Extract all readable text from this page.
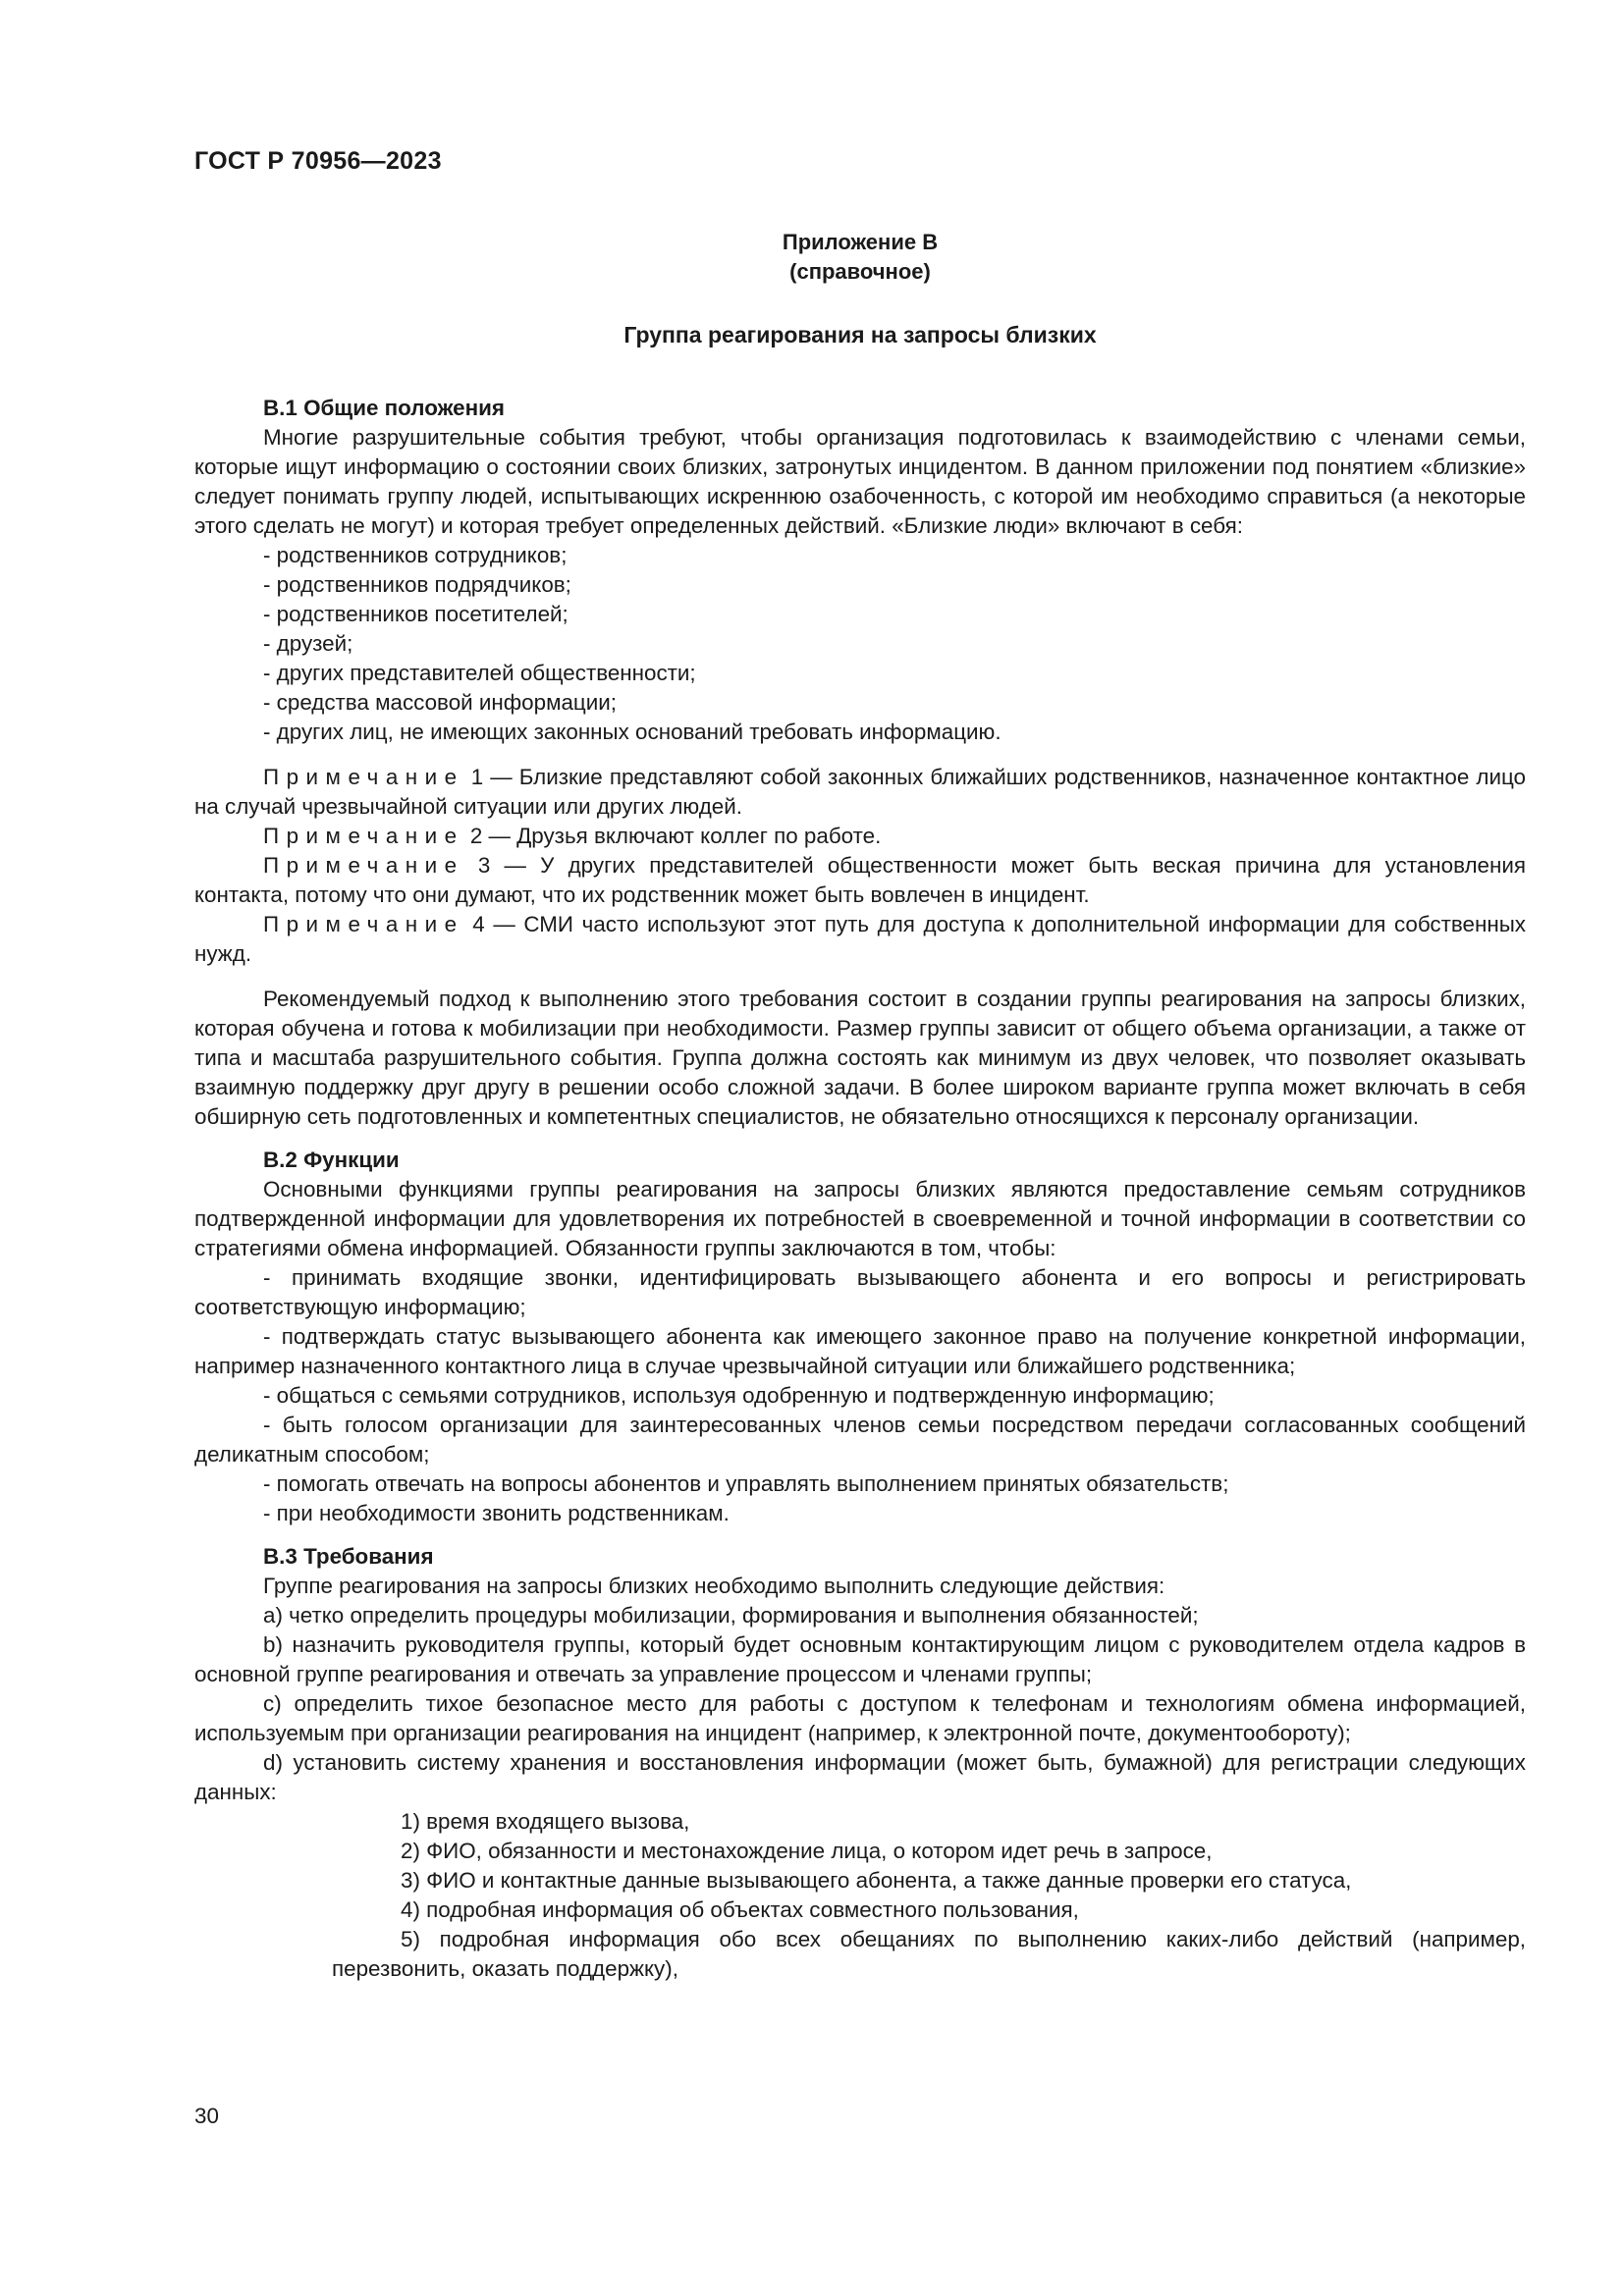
ГОСТ Р 70956—2023
Приложение В
(справочное)
Группа реагирования на запросы близких
В.1 Общие положения

Многие разрушительные события требуют, чтобы организация подготовилась к взаимодействию с членами семьи, которые ищут информацию о состоянии своих близких, затронутых инцидентом. В данном приложении под понятием «близкие» следует понимать группу людей, испытывающих искреннюю озабоченность, с которой им необходимо справиться (а некоторые этого сделать не могут) и которая требует определенных действий. «Близкие люди» включают в себя:

- родственников сотрудников;
- родственников подрядчиков;
- родственников посетителей;
- друзей;
- других представителей общественности;
- средства массовой информации;
- других лиц, не имеющих законных оснований требовать информацию.

Примечание 1 — Близкие представляют собой законных ближайших родственников, назначенное контактное лицо на случай чрезвычайной ситуации или других людей.

Примечание 2 — Друзья включают коллег по работе.

Примечание 3 — У других представителей общественности может быть веская причина для установления контакта, потому что они думают, что их родственник может быть вовлечен в инцидент.

Примечание 4 — СМИ часто используют этот путь для доступа к дополнительной информации для собственных нужд.

Рекомендуемый подход к выполнению этого требования состоит в создании группы реагирования на запросы близких, которая обучена и готова к мобилизации при необходимости. Размер группы зависит от общего объема организации, а также от типа и масштаба разрушительного события. Группа должна состоять как минимум из двух человек, что позволяет оказывать взаимную поддержку друг другу в решении особо сложной задачи. В более широком варианте группа может включать в себя обширную сеть подготовленных и компетентных специалистов, не обязательно относящихся к персоналу организации.

В.2 Функции

Основными функциями группы реагирования на запросы близких являются предоставление семьям сотрудников подтвержденной информации для удовлетворения их потребностей в своевременной и точной информации в соответствии со стратегиями обмена информацией. Обязанности группы заключаются в том, чтобы:

- принимать входящие звонки, идентифицировать вызывающего абонента и его вопросы и регистрировать соответствующую информацию;

- подтверждать статус вызывающего абонента как имеющего законное право на получение конкретной информации, например назначенного контактного лица в случае чрезвычайной ситуации или ближайшего родственника;

- общаться с семьями сотрудников, используя одобренную и подтвержденную информацию;

- быть голосом организации для заинтересованных членов семьи посредством передачи согласованных сообщений деликатным способом;

- помогать отвечать на вопросы абонентов и управлять выполнением принятых обязательств;

- при необходимости звонить родственникам.

В.3 Требования

Группе реагирования на запросы близких необходимо выполнить следующие действия:

а) четко определить процедуры мобилизации, формирования и выполнения обязанностей;

b) назначить руководителя группы, который будет основным контактирующим лицом с руководителем отдела кадров в основной группе реагирования и отвечать за управление процессом и членами группы;

с) определить тихое безопасное место для работы с доступом к телефонам и технологиям обмена информацией, используемым при организации реагирования на инцидент (например, к электронной почте, документообороту);

d) установить систему хранения и восстановления информации (может быть, бумажной) для регистрации следующих данных:

1) время входящего вызова,

2) ФИО, обязанности и местонахождение лица, о котором идет речь в запросе,

3) ФИО и контактные данные вызывающего абонента, а также данные проверки его статуса,

4) подробная информация об объектах совместного пользования,

5) подробная информация обо всех обещаниях по выполнению каких-либо действий (например, перезвонить, оказать поддержку),

30
